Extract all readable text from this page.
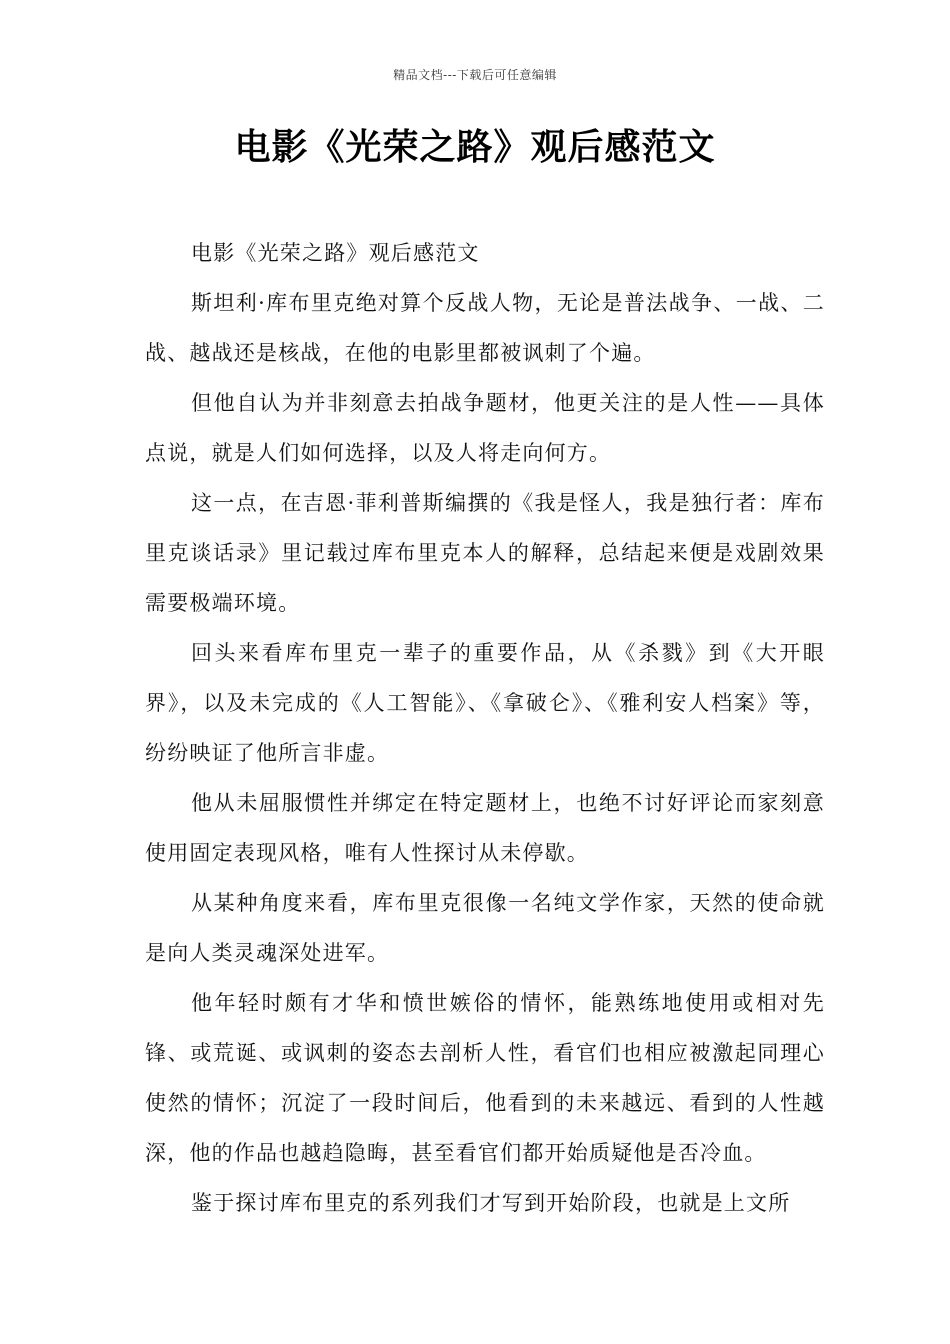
精品文档---下载后可任意编辑
电影《光荣之路》观后感范文

电影《光荣之路》观后感范文

斯坦利·库布里克绝对算个反战人物，无论是普法战争、一战、二战、越战还是核战，在他的电影里都被讽刺了个遍。

但他自认为并非刻意去拍战争题材，他更关注的是人性——具体点说，就是人们如何选择，以及人将走向何方。

这一点，在吉恩·菲利普斯编撰的《我是怪人，我是独行者：库布里克谈话录》里记载过库布里克本人的解释，总结起来便是戏剧效果需要极端环境。

回头来看库布里克一辈子的重要作品，从《杀戮》到《大开眼界》，以及未完成的《人工智能》、《拿破仑》、《雅利安人档案》等，纷纷映证了他所言非虚。

他从未屈服惯性并绑定在特定题材上，也绝不讨好评论而家刻意使用固定表现风格，唯有人性探讨从未停歇。

从某种角度来看，库布里克很像一名纯文学作家，天然的使命就是向人类灵魂深处进军。

他年轻时颇有才华和愤世嫉俗的情怀，能熟练地使用或相对先锋、或荒诞、或讽刺的姿态去剖析人性，看官们也相应被激起同理心使然的情怀；沉淀了一段时间后，他看到的未来越远、看到的人性越深，他的作品也越趋隐晦，甚至看官们都开始质疑他是否冷血。

鉴于探讨库布里克的系列我们才写到开始阶段，也就是上文所
